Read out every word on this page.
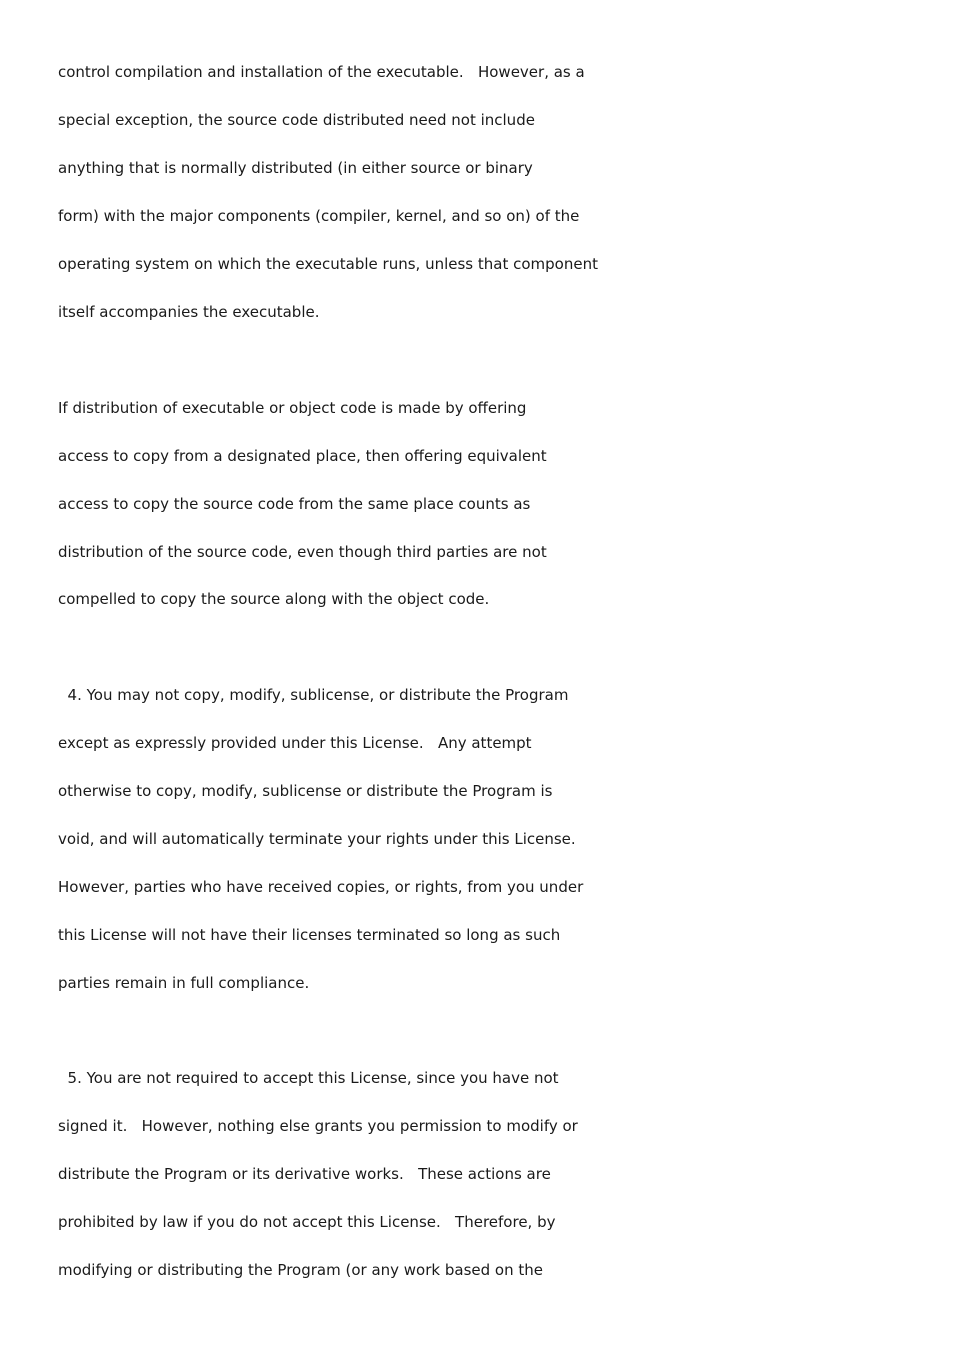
control compilation and installation of the executable.   However, as a

special exception, the source code distributed need not include

anything that is normally distributed (in either source or binary

form) with the major components (compiler, kernel, and so on) of the

operating system on which the executable runs, unless that component

itself accompanies the executable.

If distribution of executable or object code is made by offering

access to copy from a designated place, then offering equivalent

access to copy the source code from the same place counts as

distribution of the source code, even though third parties are not

compelled to copy the source along with the object code.

4. You may not copy, modify, sublicense, or distribute the Program

except as expressly provided under this License.   Any attempt

otherwise to copy, modify, sublicense or distribute the Program is

void, and will automatically terminate your rights under this License.

However, parties who have received copies, or rights, from you under

this License will not have their licenses terminated so long as such

parties remain in full compliance.

5. You are not required to accept this License, since you have not

signed it.   However, nothing else grants you permission to modify or

distribute the Program or its derivative works.   These actions are

prohibited by law if you do not accept this License.   Therefore, by

modifying or distributing the Program (or any work based on the
